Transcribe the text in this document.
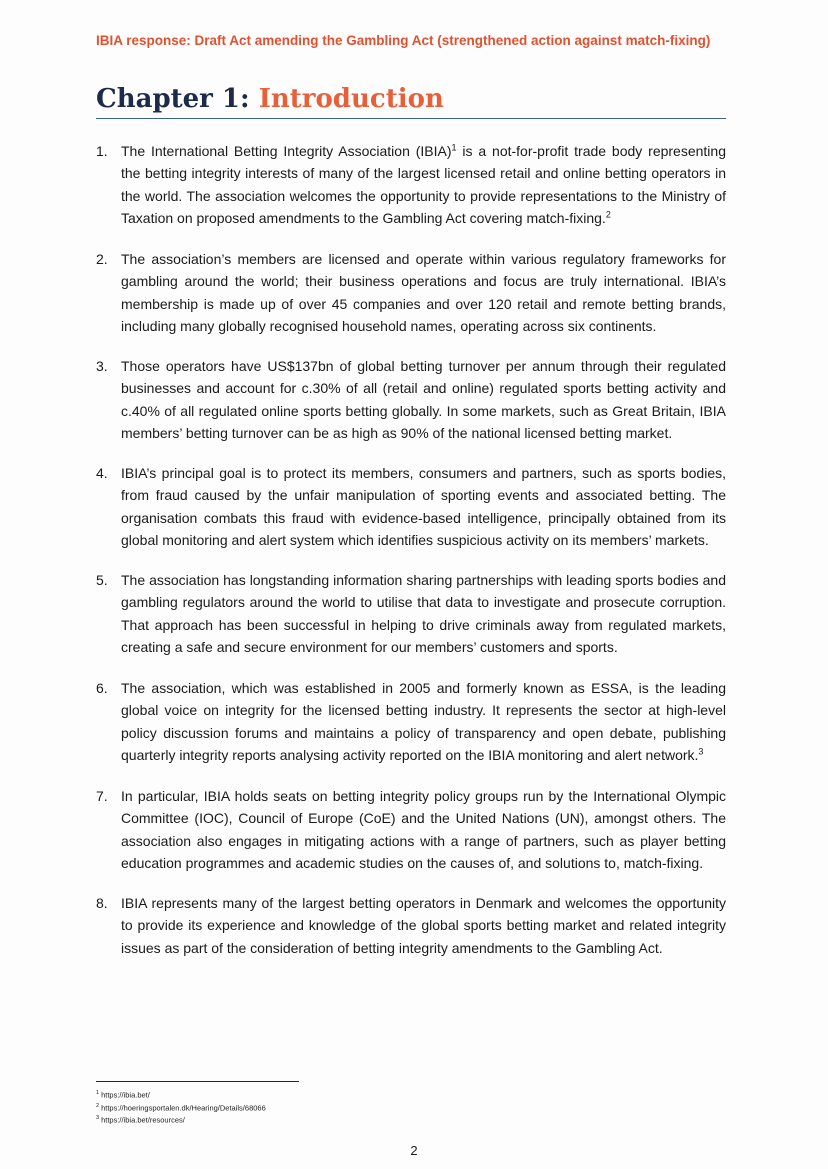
IBIA response: Draft Act amending the Gambling Act (strengthened action against match-fixing)
Chapter 1: Introduction
1. The International Betting Integrity Association (IBIA)$^1$ is a not-for-profit trade body representing the betting integrity interests of many of the largest licensed retail and online betting operators in the world. The association welcomes the opportunity to provide representations to the Ministry of Taxation on proposed amendments to the Gambling Act covering match-fixing.$^2$
2. The association’s members are licensed and operate within various regulatory frameworks for gambling around the world; their business operations and focus are truly international. IBIA’s membership is made up of over 45 companies and over 120 retail and remote betting brands, including many globally recognised household names, operating across six continents.
3. Those operators have US$137bn of global betting turnover per annum through their regulated businesses and account for c.30% of all (retail and online) regulated sports betting activity and c.40% of all regulated online sports betting globally. In some markets, such as Great Britain, IBIA members’ betting turnover can be as high as 90% of the national licensed betting market.
4. IBIA’s principal goal is to protect its members, consumers and partners, such as sports bodies, from fraud caused by the unfair manipulation of sporting events and associated betting. The organisation combats this fraud with evidence-based intelligence, principally obtained from its global monitoring and alert system which identifies suspicious activity on its members’ markets.
5. The association has longstanding information sharing partnerships with leading sports bodies and gambling regulators around the world to utilise that data to investigate and prosecute corruption. That approach has been successful in helping to drive criminals away from regulated markets, creating a safe and secure environment for our members’ customers and sports.
6. The association, which was established in 2005 and formerly known as ESSA, is the leading global voice on integrity for the licensed betting industry. It represents the sector at high-level policy discussion forums and maintains a policy of transparency and open debate, publishing quarterly integrity reports analysing activity reported on the IBIA monitoring and alert network.$^3$
7. In particular, IBIA holds seats on betting integrity policy groups run by the International Olympic Committee (IOC), Council of Europe (CoE) and the United Nations (UN), amongst others. The association also engages in mitigating actions with a range of partners, such as player betting education programmes and academic studies on the causes of, and solutions to, match-fixing.
8. IBIA represents many of the largest betting operators in Denmark and welcomes the opportunity to provide its experience and knowledge of the global sports betting market and related integrity issues as part of the consideration of betting integrity amendments to the Gambling Act.
$^1$ https://ibia.bet/
$^2$ https://hoeringsportalen.dk/Hearing/Details/68066
$^3$ https://ibia.bet/resources/
2
